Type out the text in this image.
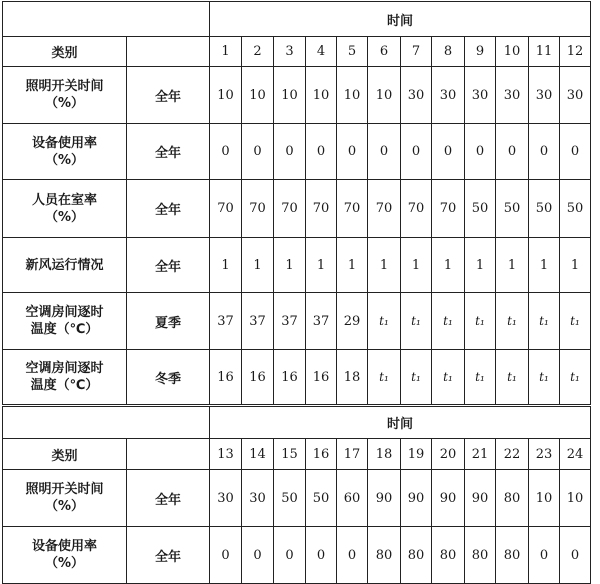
		时间											
类别		1	2	3	4	5	6	7	8	9	10	11	12

照明开关时间
（%）	全年	10	10	10	10	10	10	30	30	30	30	30	30

设备使用率
（%）	全年	0	0	0	0	0	0	0	0	0	0	0	0

人员在室率
（%）	全年	70	70	70	70	70	70	70	70	50	50	50	50

新风运行情况	全年	1	1	1	1	1	1	1	1	1	1	1	1

空调房间逐时
温度（℃）	夏季	37	37	37	37	29	t₁	t₁	t₁	t₁	t₁	t₁	t₁

空调房间逐时
温度（℃）	冬季	16	16	16	16	18	t₁	t₁	t₁	t₁	t₁	t₁	t₁
		时间											
类别		13	14	15	16	17	18	19	20	21	22	23	24

照明开关时间
（%）	全年	30	30	50	50	60	90	90	90	90	80	10	10

设备使用率
（%）	全年	0	0	0	0	0	80	80	80	80	80	0	0
